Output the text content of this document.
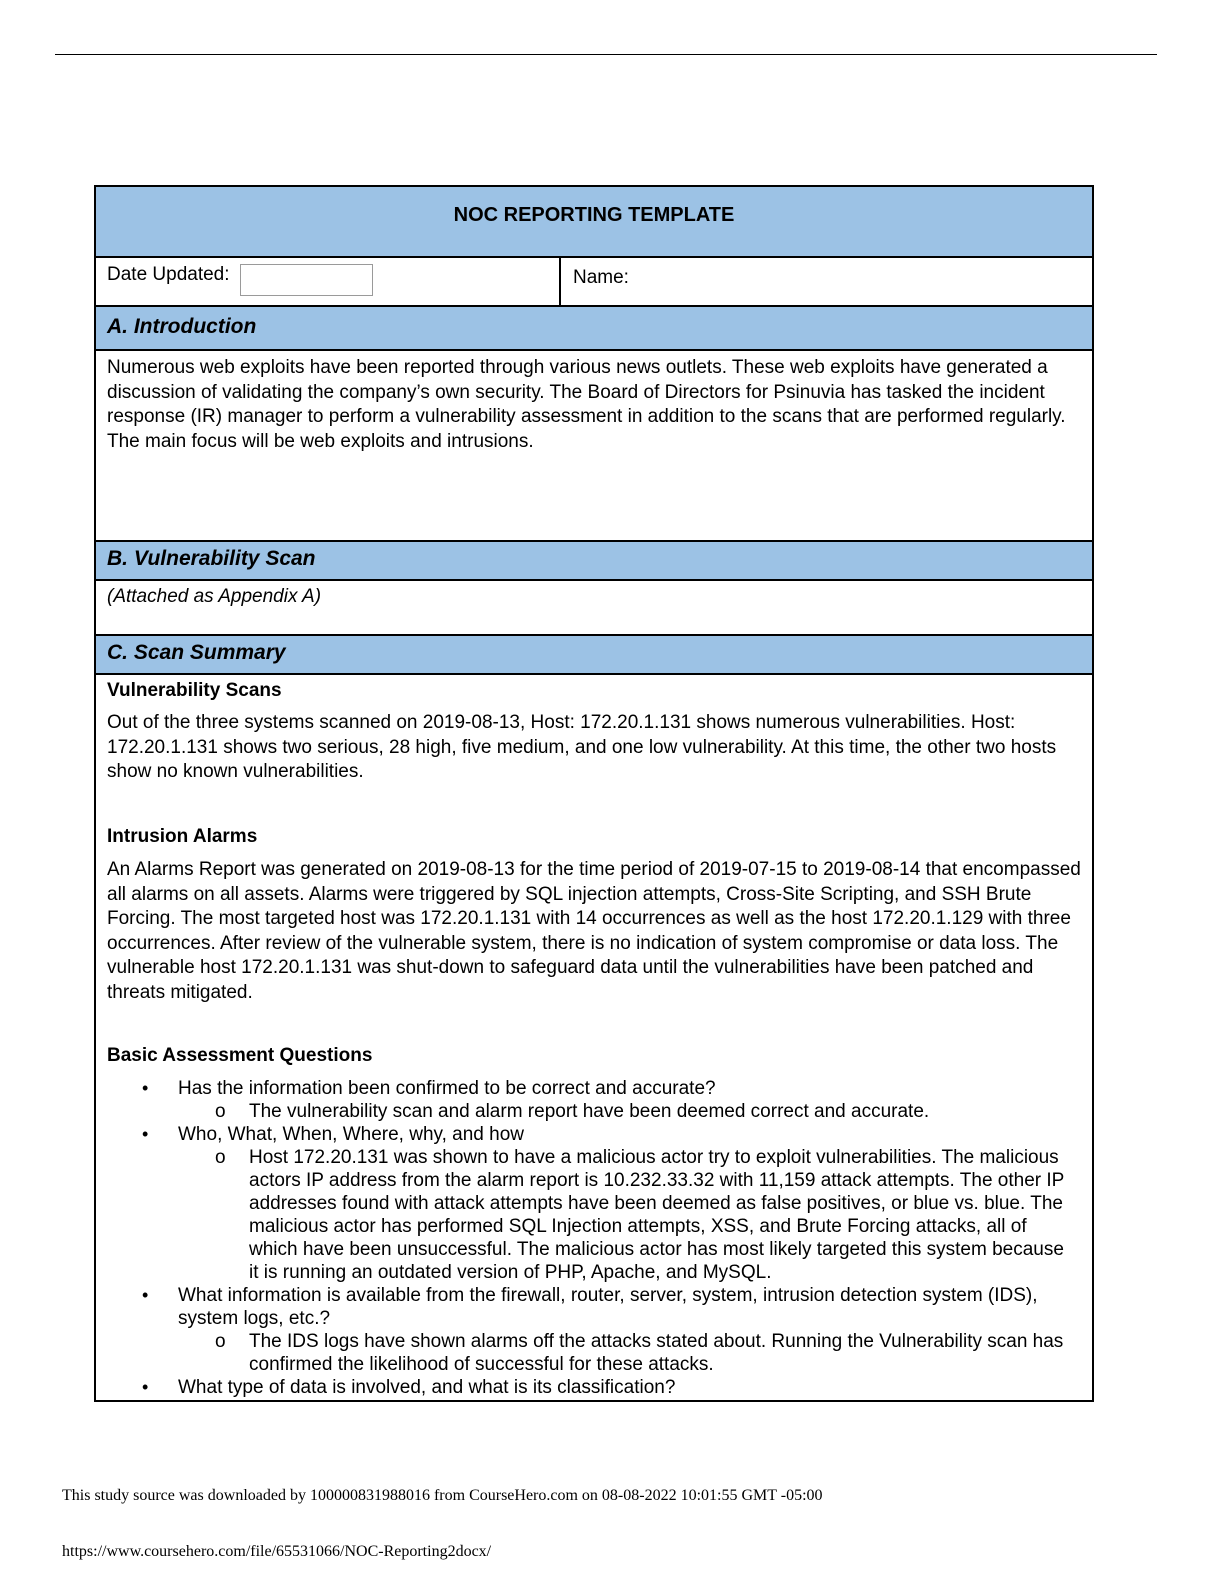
NOC REPORTING TEMPLATE
Date Updated:	Name:
A. Introduction
Numerous web exploits have been reported through various news outlets. These web exploits have generated a discussion of validating the company’s own security. The Board of Directors for Psinuvia has tasked the incident response (IR) manager to perform a vulnerability assessment in addition to the scans that are performed regularly. The main focus will be web exploits and intrusions.
B. Vulnerability Scan
(Attached as Appendix A)
C. Scan Summary
Vulnerability Scans
Out of the three systems scanned on 2019-08-13, Host: 172.20.1.131 shows numerous vulnerabilities. Host: 172.20.1.131 shows two serious, 28 high, five medium, and one low vulnerability. At this time, the other two hosts show no known vulnerabilities.
Intrusion Alarms
An Alarms Report was generated on 2019-08-13 for the time period of 2019-07-15 to 2019-08-14 that encompassed all alarms on all assets. Alarms were triggered by SQL injection attempts, Cross-Site Scripting, and SSH Brute Forcing. The most targeted host was 172.20.1.131 with 14 occurrences as well as the host 172.20.1.129 with three occurrences. After review of the vulnerable system, there is no indication of system compromise or data loss. The vulnerable host 172.20.1.131 was shut-down to safeguard data until the vulnerabilities have been patched and threats mitigated.
Basic Assessment Questions
• Has the information been confirmed to be correct and accurate?
o The vulnerability scan and alarm report have been deemed correct and accurate.
• Who, What, When, Where, why, and how
o Host 172.20.131 was shown to have a malicious actor try to exploit vulnerabilities. The malicious actors IP address from the alarm report is 10.232.33.32 with 11,159 attack attempts. The other IP addresses found with attack attempts have been deemed as false positives, or blue vs. blue. The malicious actor has performed SQL Injection attempts, XSS, and Brute Forcing attacks, all of which have been unsuccessful. The malicious actor has most likely targeted this system because it is running an outdated version of PHP, Apache, and MySQL.
• What information is available from the firewall, router, server, system, intrusion detection system (IDS), system logs, etc.?
o The IDS logs have shown alarms off the attacks stated about. Running the Vulnerability scan has confirmed the likelihood of successful for these attacks.
• What type of data is involved, and what is its classification?
This study source was downloaded by 100000831988016 from CourseHero.com on 08-08-2022 10:01:55 GMT -05:00
https://www.coursehero.com/file/65531066/NOC-Reporting2docx/
